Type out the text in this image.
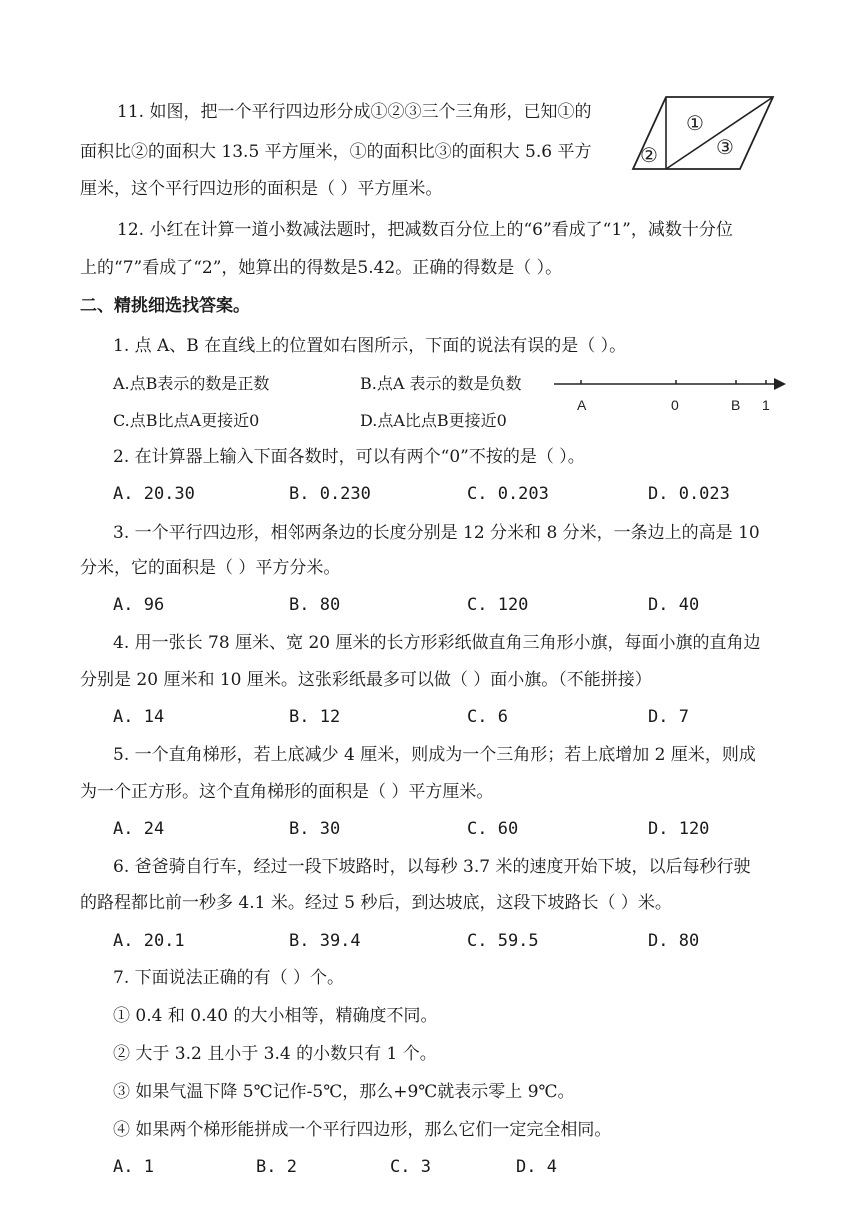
11. 如图，把一个平行四边形分成①②③三个三角形，已知①的
面积比②的面积大 13.5 平方厘米，①的面积比③的面积大 5.6 平方
厘米，这个平行四边形的面积是（ ）平方厘米。
①
②	③
12. 小红在计算一道小数减法题时，把减数百分位上的“6”看成了“1”，减数十分位
上的“7”看成了“2”，她算出的得数是5.42。正确的得数是（ ）。
二、精挑细选找答案。
1. 点 A、B 在直线上的位置如右图所示，下面的说法有误的是（ ）。
A.点B表示的数是正数	B.点A 表示的数是负数
C.点B比点A更接近0	D.点A比点B更接近0
A	0	B 1
2. 在计算器上输入下面各数时，可以有两个“0”不按的是（ ）。
A. 20.30	B. 0.230	C. 0.203	D. 0.023
3. 一个平行四边形，相邻两条边的长度分别是 12 分米和 8 分米，一条边上的高是 10
分米，它的面积是（ ）平方分米。
A. 96	B. 80	C. 120	D. 40
4. 用一张长 78 厘米、宽 20 厘米的长方形彩纸做直角三角形小旗，每面小旗的直角边
分别是 20 厘米和 10 厘米。这张彩纸最多可以做（ ）面小旗。（不能拼接）
A. 14	B. 12	C. 6	D. 7
5. 一个直角梯形，若上底减少 4 厘米，则成为一个三角形；若上底增加 2 厘米，则成
为一个正方形。这个直角梯形的面积是（ ）平方厘米。
A. 24	B. 30	C. 60	D. 120
6. 爸爸骑自行车，经过一段下坡路时，以每秒 3.7 米的速度开始下坡，以后每秒行驶
的路程都比前一秒多 4.1 米。经过 5 秒后，到达坡底，这段下坡路长（ ）米。
A. 20.1	B. 39.4	C. 59.5	D. 80
7. 下面说法正确的有（ ）个。
① 0.4 和 0.40 的大小相等，精确度不同。
② 大于 3.2 且小于 3.4 的小数只有 1 个。
③ 如果气温下降 5℃记作-5℃，那么+9℃就表示零上 9℃。
④ 如果两个梯形能拼成一个平行四边形，那么它们一定完全相同。
A. 1	B. 2	C. 3	D. 4
